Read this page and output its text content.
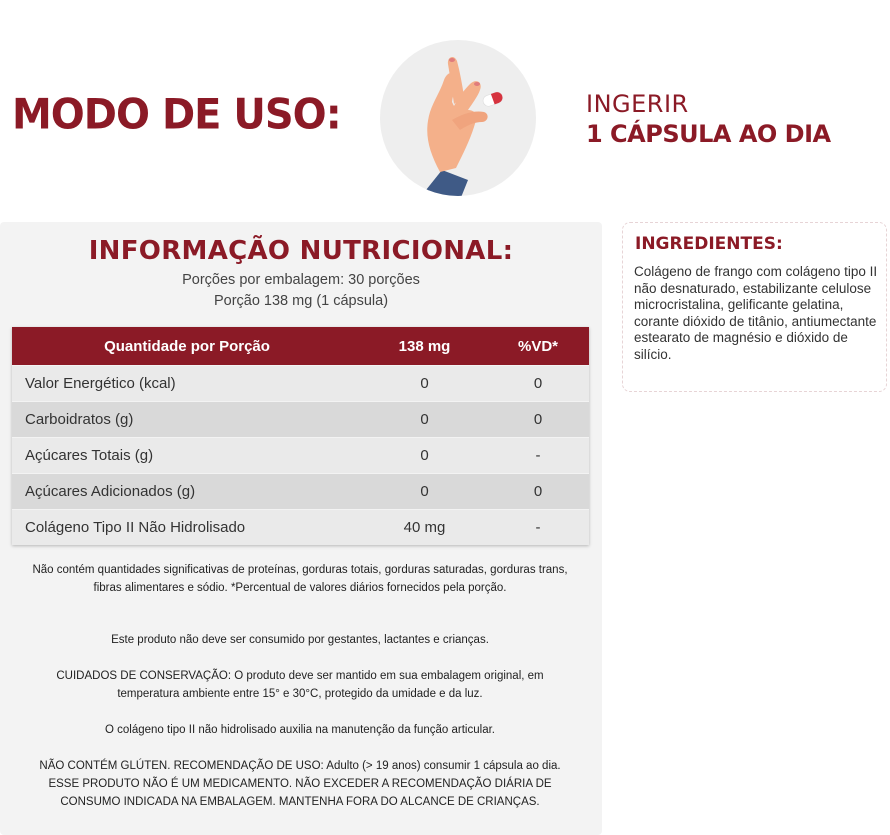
MODO DE USO:	INGERIR
1 CÁPSULA AO DIA
INFORMAÇÃO NUTRICIONAL:
Porções por embalagem: 30 porções
Porção 138 mg (1 cápsula)
Quantidade por Porção	138 mg	%VD*
Valor Energético (kcal)	0	0
Carboidratos (g)	0	0
Açúcares Totais (g)	0	-
Açúcares Adicionados (g)	0	0
Colágeno Tipo II Não Hidrolisado	40 mg	-
Não contém quantidades significativas de proteínas, gorduras totais, gorduras saturadas, gorduras trans, fibras alimentares e sódio. *Percentual de valores diários fornecidos pela porção.
Este produto não deve ser consumido por gestantes, lactantes e crianças.
CUIDADOS DE CONSERVAÇÃO: O produto deve ser mantido em sua embalagem original, em temperatura ambiente entre 15° e 30°C, protegido da umidade e da luz.
O colágeno tipo II não hidrolisado auxilia na manutenção da função articular.
NÃO CONTÉM GLÚTEN. RECOMENDAÇÃO DE USO: Adulto (> 19 anos) consumir 1 cápsula ao dia. ESSE PRODUTO NÃO É UM MEDICAMENTO. NÃO EXCEDER A RECOMENDAÇÃO DIÁRIA DE CONSUMO INDICADA NA EMBALAGEM. MANTENHA FORA DO ALCANCE DE CRIANÇAS.
INGREDIENTES:
Colágeno de frango com colágeno tipo II não desnaturado, estabilizante celulose microcristalina, gelificante gelatina, corante dióxido de titânio, antiumectante estearato de magnésio e dióxido de silício.
